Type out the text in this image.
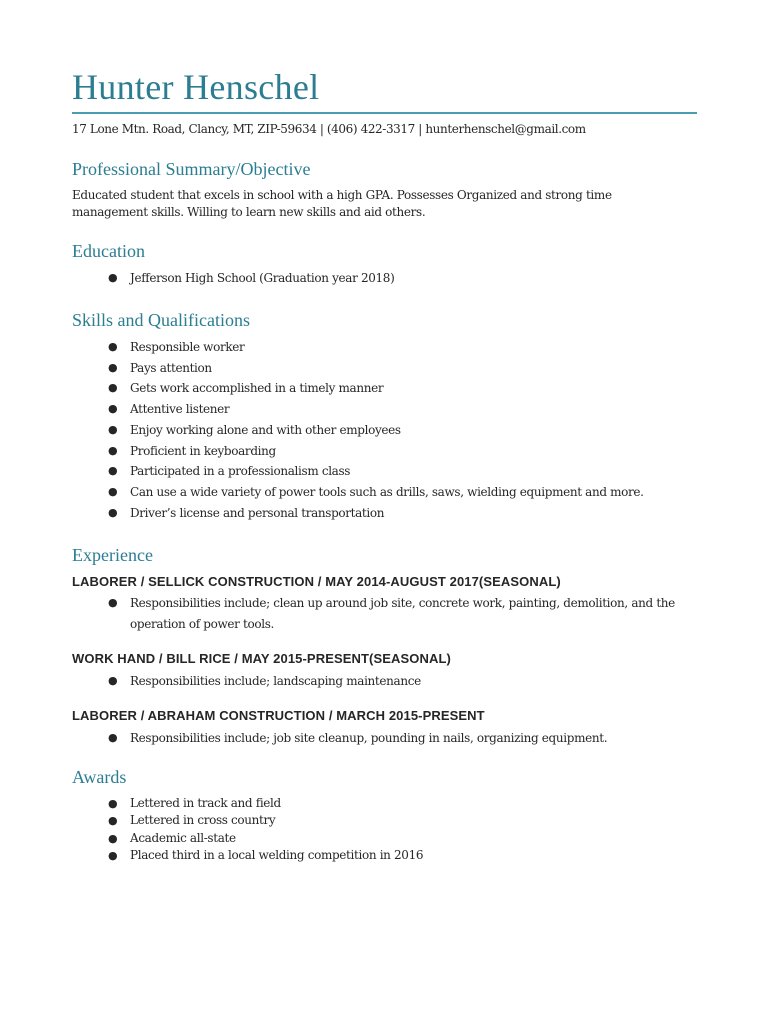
Hunter Henschel
17 Lone Mtn. Road, Clancy, MT, ZIP-59634 | (406) 422-3317 | hunterhenschel@gmail.com
Professional Summary/Objective
Educated student that excels in school with a high GPA. Possesses Organized and strong time management skills. Willing to learn new skills and aid others.
Education
● Jefferson High School (Graduation year 2018)
Skills and Qualifications
● Responsible worker
● Pays attention
● Gets work accomplished in a timely manner
● Attentive listener
● Enjoy working alone and with other employees
● Proficient in keyboarding
● Participated in a professionalism class
● Can use a wide variety of power tools such as drills, saws, wielding equipment and more.
● Driver’s license and personal transportation
Experience
LABORER / SELLICK CONSTRUCTION / MAY 2014-AUGUST 2017(SEASONAL)
● Responsibilities include; clean up around job site, concrete work, painting, demolition, and the operation of power tools.
WORK HAND / BILL RICE / MAY 2015-PRESENT(SEASONAL)
● Responsibilities include; landscaping maintenance
LABORER / ABRAHAM CONSTRUCTION / MARCH 2015-PRESENT
● Responsibilities include; job site cleanup, pounding in nails, organizing equipment.
Awards
● Lettered in track and field
● Lettered in cross country
● Academic all-state
● Placed third in a local welding competition in 2016
